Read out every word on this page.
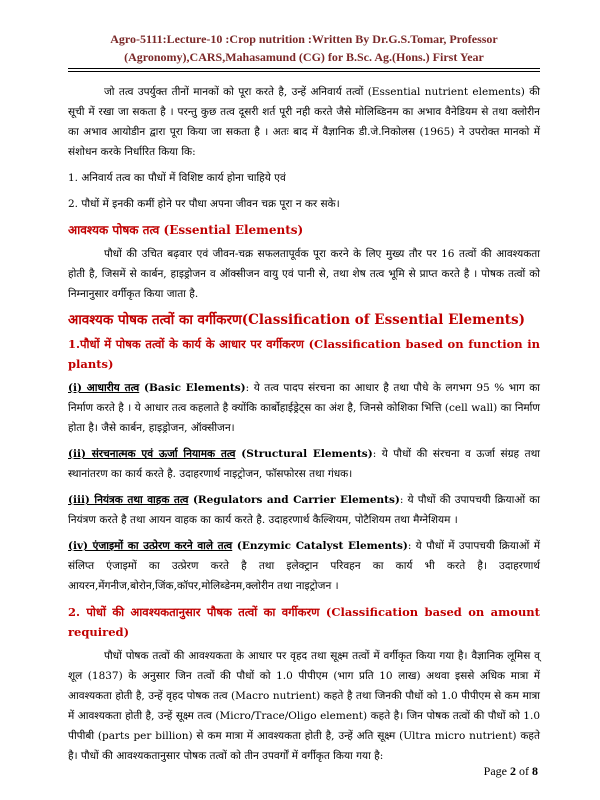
Agro-5111:Lecture-10 :Crop nutrition :Written By Dr.G.S.Tomar, Professor
(Agronomy),CARS,Mahasamund (CG) for B.Sc. Ag.(Hons.) First Year

जो तत्व उपर्युक्त तीनों मानकों को पूरा करते है, उन्हें अनिवार्य तत्वों (Essential nutrient elements) की सूची में रखा जा सकता है । परन्तु कुछ तत्व दूसरी शर्त पूरी नही करते जैसे मोलिब्डिनम का अभाव वैनेडियम से तथा क्लोरीन का अभाव आयोडीन द्वारा पूरा किया जा सकता है । अतः बाद में वैज्ञानिक डी.जे.निकोलस (1965) ने उपरोक्त मानको में संशोधन करके निर्धारित किया कि:

1. अनिवार्य तत्व का पौधों में विशिष्ट कार्य होना चाहिये एवं

2. पौधों में इनकी कमीं होने पर पौधा अपना जीवन चक्र पूरा न कर सके।

आवश्यक पोषक तत्व (Essential Elements)

पौधों की उचित बढ़वार एवं जीवन-चक्र सफलतापूर्वक पूरा करने के लिए मुख्य तौर पर 16 तत्वों की आवश्यकता होती है, जिसमें से कार्बन, हाइड्रोजन व ऑक्सीजन वायु एवं पानी से, तथा शेष तत्व भूमि से प्राप्त करते है । पोषक तत्वों को निम्नानुसार वर्गीकृत किया जाता है.

आवश्यक पोषक तत्वों का वर्गीकरण(Classification of Essential Elements)
1.पौधों में पोषक तत्वों के कार्य के आधार पर वर्गीकरण (Classification based on function in plants)

(i) आधारीय तत्व (Basic Elements): ये तत्व पादप संरचना का आधार है तथा पौधे के लगभग 95 % भाग का निर्माण करते है । ये आधार तत्व कहलाते है क्योंकि कार्बोहाईड्रेट्स का अंश है, जिनसे कोशिका भित्ति (cell wall) का निर्माण होता है। जैसे कार्बन, हाइड्रोजन, ऑक्सीजन।

(ii) संरचनात्मक एवं ऊर्जा नियामक तत्व (Structural Elements): ये पौधों की संरचना व ऊर्जा संग्रह तथा स्थानांतरण का कार्य करते है. उदाहरणार्थ नाइट्रोजन, फॉसफोरस तथा गंधक।

(iii) नियंत्रक तथा वाहक तत्व (Regulators and Carrier Elements): ये पौधों की उपापचयी क्रियाओं का नियंत्रण करते है तथा आयन वाहक का कार्य करते है. उदाहरणार्थ कैल्शियम, पोटैशियम तथा मैग्नेशियम ।

(iv) एंजाइमों का उत्प्रेरण करने वाले तत्व (Enzymic Catalyst Elements): ये पौधों में उपापचयी क्रियाओं में संलिप्त एंजाइमों का उत्प्रेरण करते है तथा इलेक्ट्रान परिवहन का कार्य भी करते है। उदाहरणार्थ आयरन,मेंगनीज,बोरोन,जिंक,कॉपर,मोलिब्डेनम,क्लोरीन तथा नाइट्रोजन ।

2. पोधों की आवश्यकतानुसार पौषक तत्वों का वर्गीकरण (Classification based on amount required)

पौधों पोषक तत्वों की आवश्यकता के आधार पर वृहद तथा सूक्ष्म तत्वों में वर्गीकृत किया गया है। वैज्ञानिक लूमिस व् शूल (1837) के अनुसार जिन तत्वों की पौधों को 1.0 पीपीएम (भाग प्रति 10 लाख) अथवा इससे अधिक मात्रा में आवश्यकता होती है, उन्हें वृहद पोषक तत्व (Macro nutrient) कहते है तथा जिनकी पौधों को 1.0 पीपीएम से कम मात्रा में आवश्यकता होती है, उन्हें सूक्ष्म तत्व (Micro/Trace/Oligo element) कहते है। जिन पोषक तत्वों की पौधों को 1.0 पीपीबी (parts per billion) से कम मात्रा में आवश्यकता होती है, उन्हें अति सूक्ष्म (Ultra micro nutrient) कहते है। पौधों की आवश्यकतानुसार पोषक तत्वों को तीन उपवर्गों में वर्गीकृत किया गया है:

Page 2 of 8
